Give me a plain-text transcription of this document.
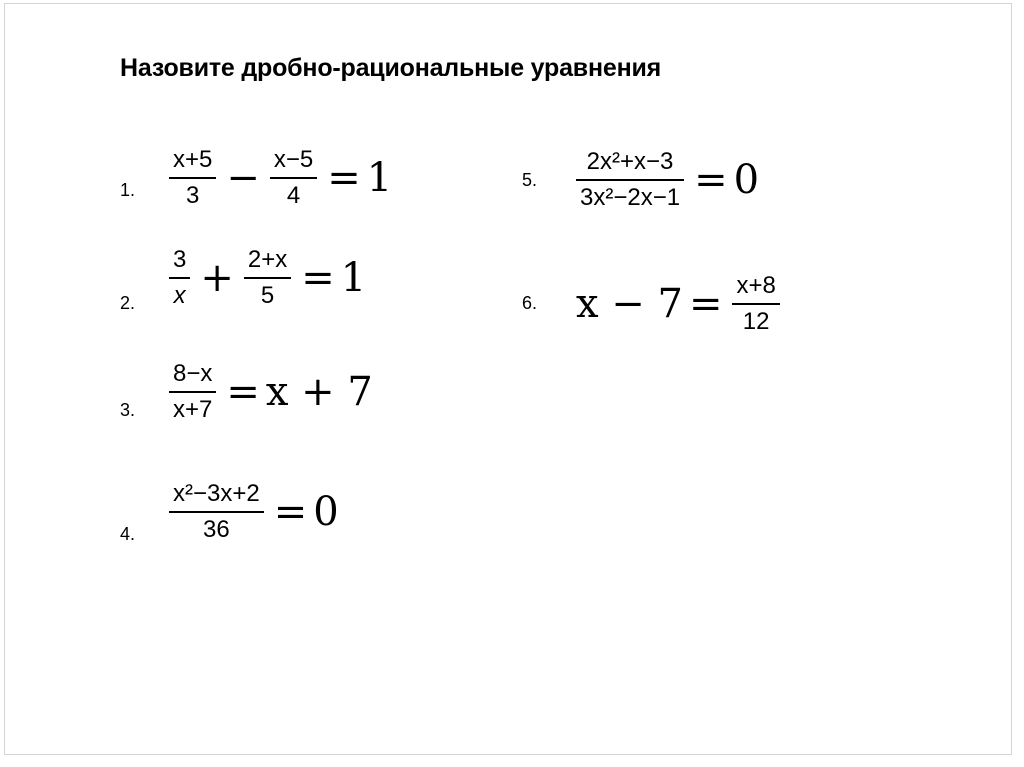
Назовите дробно-рациональные уравнения
1. $\frac{x+5}{3} - \frac{x-5}{4} = 1$
2. $\frac{3}{x} + \frac{2+x}{5} = 1$
3. $\frac{8-x}{x+7} = x + 7$
4. $\frac{\text{x²−3x+2}}{36} = 0$
5. $\frac{\text{2x²+x−3}}{\text{3x²−2x−1}} = 0$
6. $x - 7 = \frac{x+8}{12}$
